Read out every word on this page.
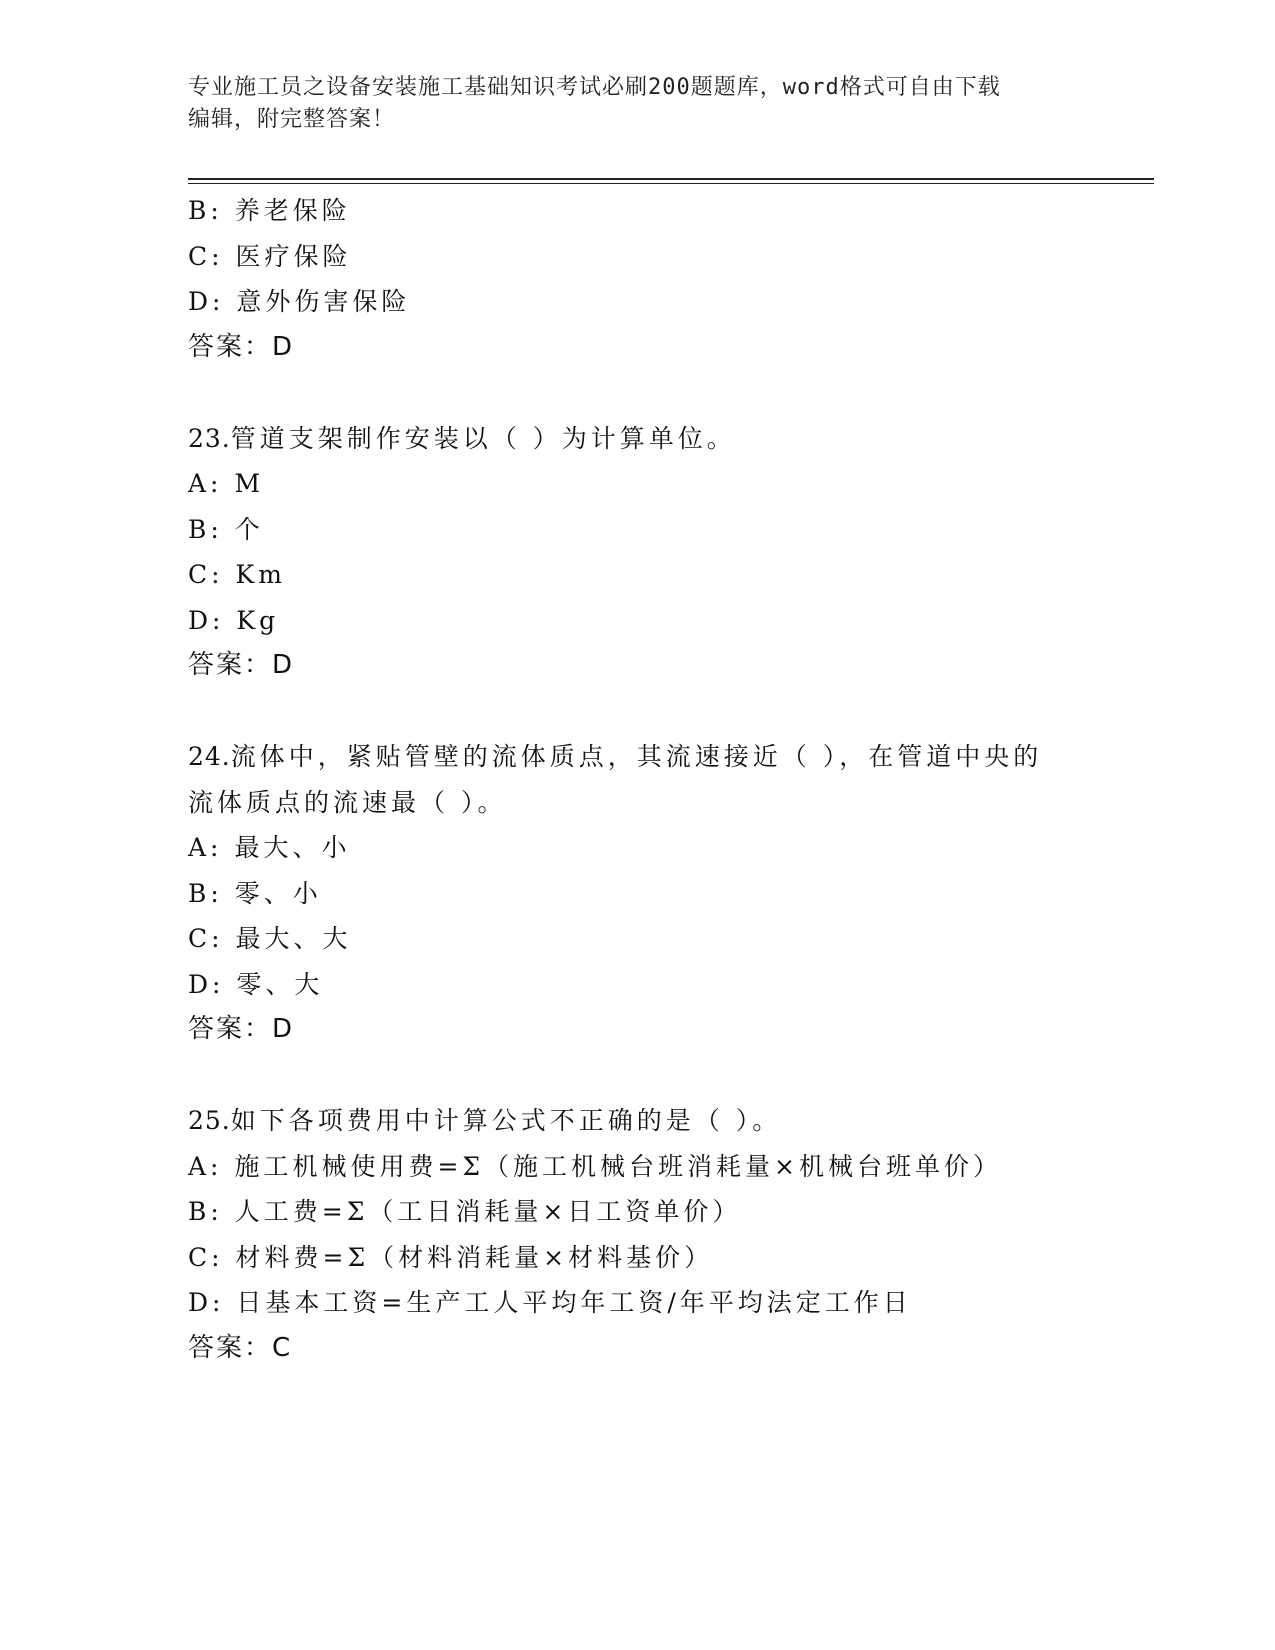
专业施工员之设备安装施工基础知识考试必刷200题题库，word格式可自由下载
编辑，附完整答案！
B: 养老保险
C: 医疗保险
D: 意外伤害保险
答案：D
23.管道支架制作安装以（ ）为计算单位。
A: M
B: 个
C: Km
D: Kg
答案：D
24.流体中，紧贴管壁的流体质点，其流速接近（ ），在管道中央的
流体质点的流速最（ ）。
A: 最大、小
B: 零、小
C: 最大、大
D: 零、大
答案：D
25.如下各项费用中计算公式不正确的是（ ）。
A: 施工机械使用费=Σ（施工机械台班消耗量×机械台班单价）
B: 人工费=Σ（工日消耗量×日工资单价）
C: 材料费=Σ（材料消耗量×材料基价）
D: 日基本工资=生产工人平均年工资/年平均法定工作日
答案：C
